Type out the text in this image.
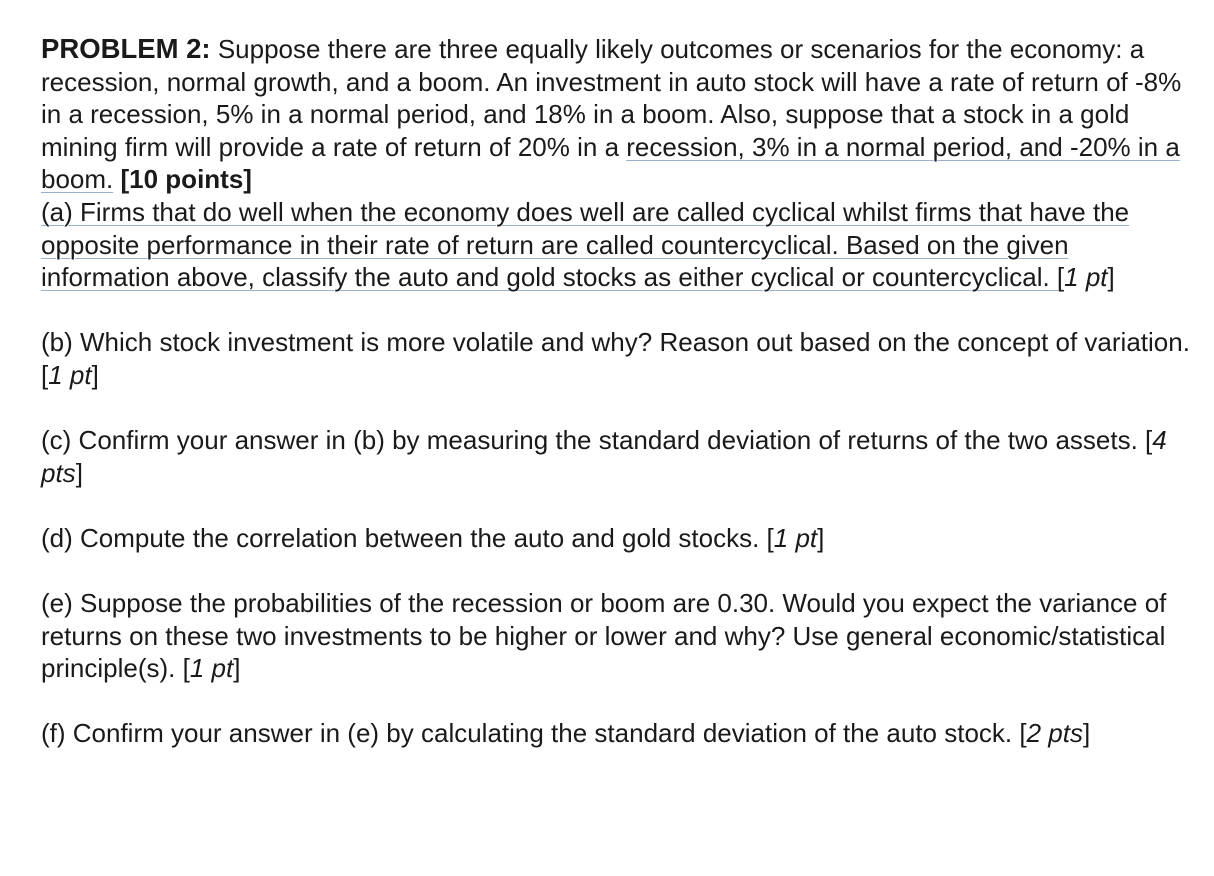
PROBLEM 2: Suppose there are three equally likely outcomes or scenarios for the economy: a recession, normal growth, and a boom. An investment in auto stock will have a rate of return of -8% in a recession, 5% in a normal period, and 18% in a boom. Also, suppose that a stock in a gold mining firm will provide a rate of return of 20% in a recession, 3% in a normal period, and -20% in a boom. [10 points]

(a) Firms that do well when the economy does well are called cyclical whilst firms that have the opposite performance in their rate of return are called countercyclical. Based on the given information above, classify the auto and gold stocks as either cyclical or countercyclical. [1 pt]

(b) Which stock investment is more volatile and why? Reason out based on the concept of variation. [1 pt]

(c) Confirm your answer in (b) by measuring the standard deviation of returns of the two assets. [4 pts]

(d) Compute the correlation between the auto and gold stocks. [1 pt]

(e) Suppose the probabilities of the recession or boom are 0.30. Would you expect the variance of returns on these two investments to be higher or lower and why? Use general economic/statistical principle(s). [1 pt]

(f) Confirm your answer in (e) by calculating the standard deviation of the auto stock. [2 pts]
